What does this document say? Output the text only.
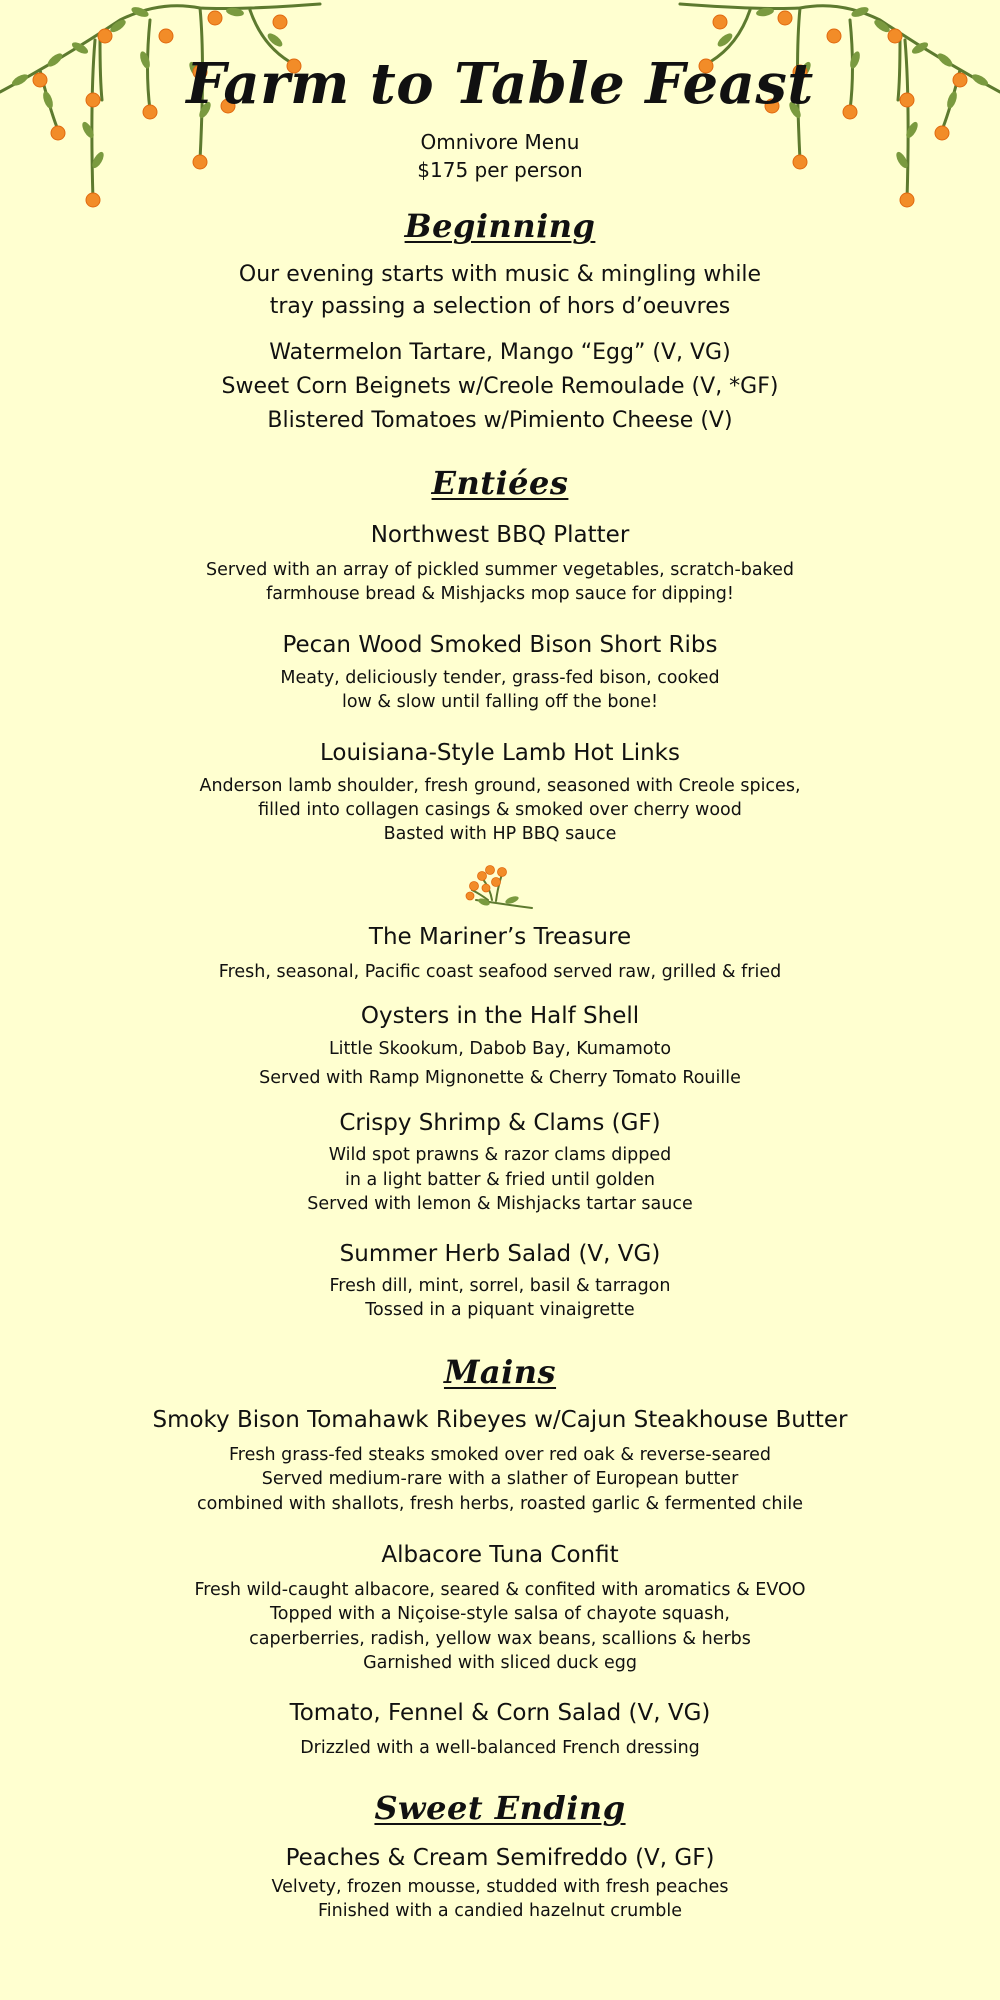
Farm to Table Feast
Omnivore Menu
$175 per person
Beginning
Our evening starts with music & mingling while
tray passing a selection of hors d’oeuvres
Watermelon Tartare, Mango “Egg” (V, VG)
Sweet Corn Beignets w/Creole Remoulade (V, *GF)
Blistered Tomatoes w/Pimiento Cheese (V)
Entiées
Northwest BBQ Platter
Served with an array of pickled summer vegetables, scratch-baked
farmhouse bread & Mishjacks mop sauce for dipping!
Pecan Wood Smoked Bison Short Ribs
Meaty, deliciously tender, grass-fed bison, cooked
low & slow until falling off the bone!
Louisiana-Style Lamb Hot Links
Anderson lamb shoulder, fresh ground, seasoned with Creole spices,
filled into collagen casings & smoked over cherry wood
Basted with HP BBQ sauce
The Mariner’s Treasure
Fresh, seasonal, Pacific coast seafood served raw, grilled & fried
Oysters in the Half Shell
Little Skookum, Dabob Bay, Kumamoto
Served with Ramp Mignonette & Cherry Tomato Rouille
Crispy Shrimp & Clams (GF)
Wild spot prawns & razor clams dipped
in a light batter & fried until golden
Served with lemon & Mishjacks tartar sauce
Summer Herb Salad (V, VG)
Fresh dill, mint, sorrel, basil & tarragon
Tossed in a piquant vinaigrette
Mains
Smoky Bison Tomahawk Ribeyes w/Cajun Steakhouse Butter
Fresh grass-fed steaks smoked over red oak & reverse-seared
Served medium-rare with a slather of European butter
combined with shallots, fresh herbs, roasted garlic & fermented chile
Albacore Tuna Confit
Fresh wild-caught albacore, seared & confited with aromatics & EVOO
Topped with a Niçoise-style salsa of chayote squash,
caperberries, radish, yellow wax beans, scallions & herbs
Garnished with sliced duck egg
Tomato, Fennel & Corn Salad (V, VG)
Drizzled with a well-balanced French dressing
Sweet Ending
Peaches & Cream Semifreddo (V, GF)
Velvety, frozen mousse, studded with fresh peaches
Finished with a candied hazelnut crumble
